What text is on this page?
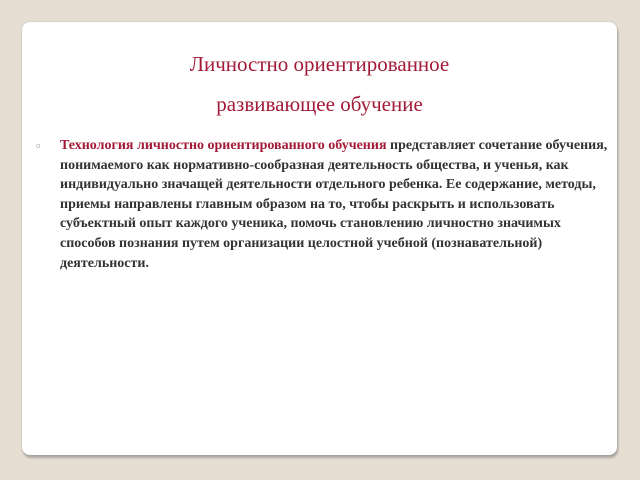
Личностно ориентированное
развивающее обучение
▫	Технология личностно ориентированного обучения представляет сочетание обучения, понимаемого как нормативно-сообразная деятельность общества, и ученья, как индивидуально значащей деятельности отдельного ребенка. Ее содержание, методы, приемы направлены главным образом на то, чтобы раскрыть и использовать субъектный опыт каждого ученика, помочь становлению личностно значимых способов познания путем организации целостной учебной (познавательной) деятельности.
